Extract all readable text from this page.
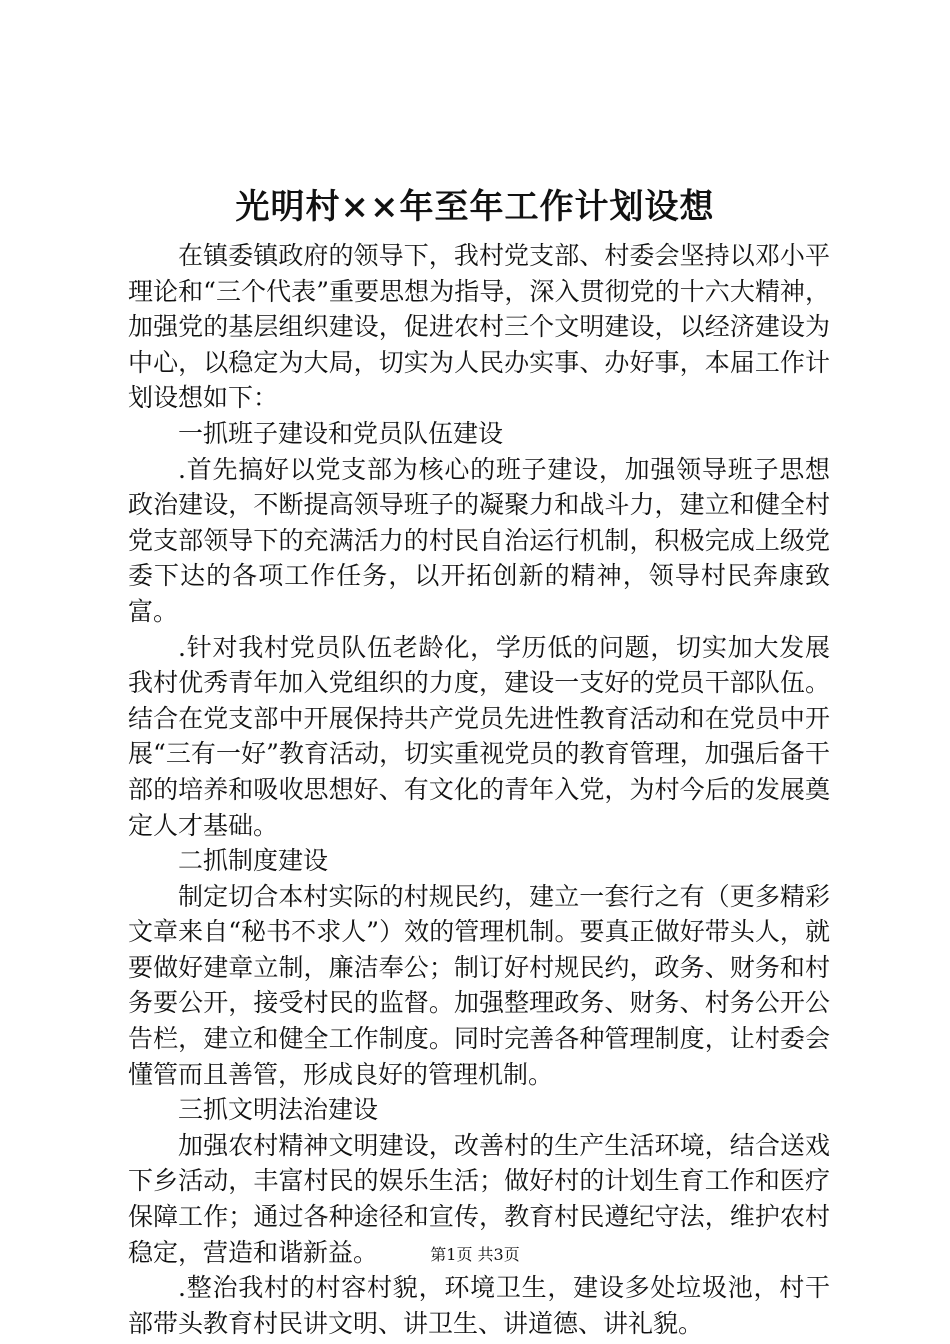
光明村××年至年工作计划设想

在镇委镇政府的领导下，我村党支部、村委会坚持以邓小平理论和“三个代表”重要思想为指导，深入贯彻党的十六大精神，加强党的基层组织建设，促进农村三个文明建设，以经济建设为中心，以稳定为大局，切实为人民办实事、办好事，本届工作计划设想如下：

一抓班子建设和党员队伍建设

.首先搞好以党支部为核心的班子建设，加强领导班子思想政治建设，不断提高领导班子的凝聚力和战斗力，建立和健全村党支部领导下的充满活力的村民自治运行机制，积极完成上级党委下达的各项工作任务，以开拓创新的精神，领导村民奔康致富。

.针对我村党员队伍老龄化，学历低的问题，切实加大发展我村优秀青年加入党组织的力度，建设一支好的党员干部队伍。结合在党支部中开展保持共产党员先进性教育活动和在党员中开展“三有一好”教育活动，切实重视党员的教育管理，加强后备干部的培养和吸收思想好、有文化的青年入党，为村今后的发展奠定人才基础。

二抓制度建设

制定切合本村实际的村规民约，建立一套行之有（更多精彩文章来自“秘书不求人”）效的管理机制。要真正做好带头人，就要做好建章立制，廉洁奉公；制订好村规民约，政务、财务和村务要公开，接受村民的监督。加强整理政务、财务、村务公开公告栏，建立和健全工作制度。同时完善各种管理制度，让村委会懂管而且善管，形成良好的管理机制。

三抓文明法治建设

加强农村精神文明建设，改善村的生产生活环境，结合送戏下乡活动，丰富村民的娱乐生活；做好村的计划生育工作和医疗保障工作；通过各种途径和宣传，教育村民遵纪守法，维护农村稳定，营造和谐新益。

.整治我村的村容村貌，环境卫生，建设多处垃圾池，村干部带头教育村民讲文明、讲卫生、讲道德、讲礼貌。

第1页 共3页
